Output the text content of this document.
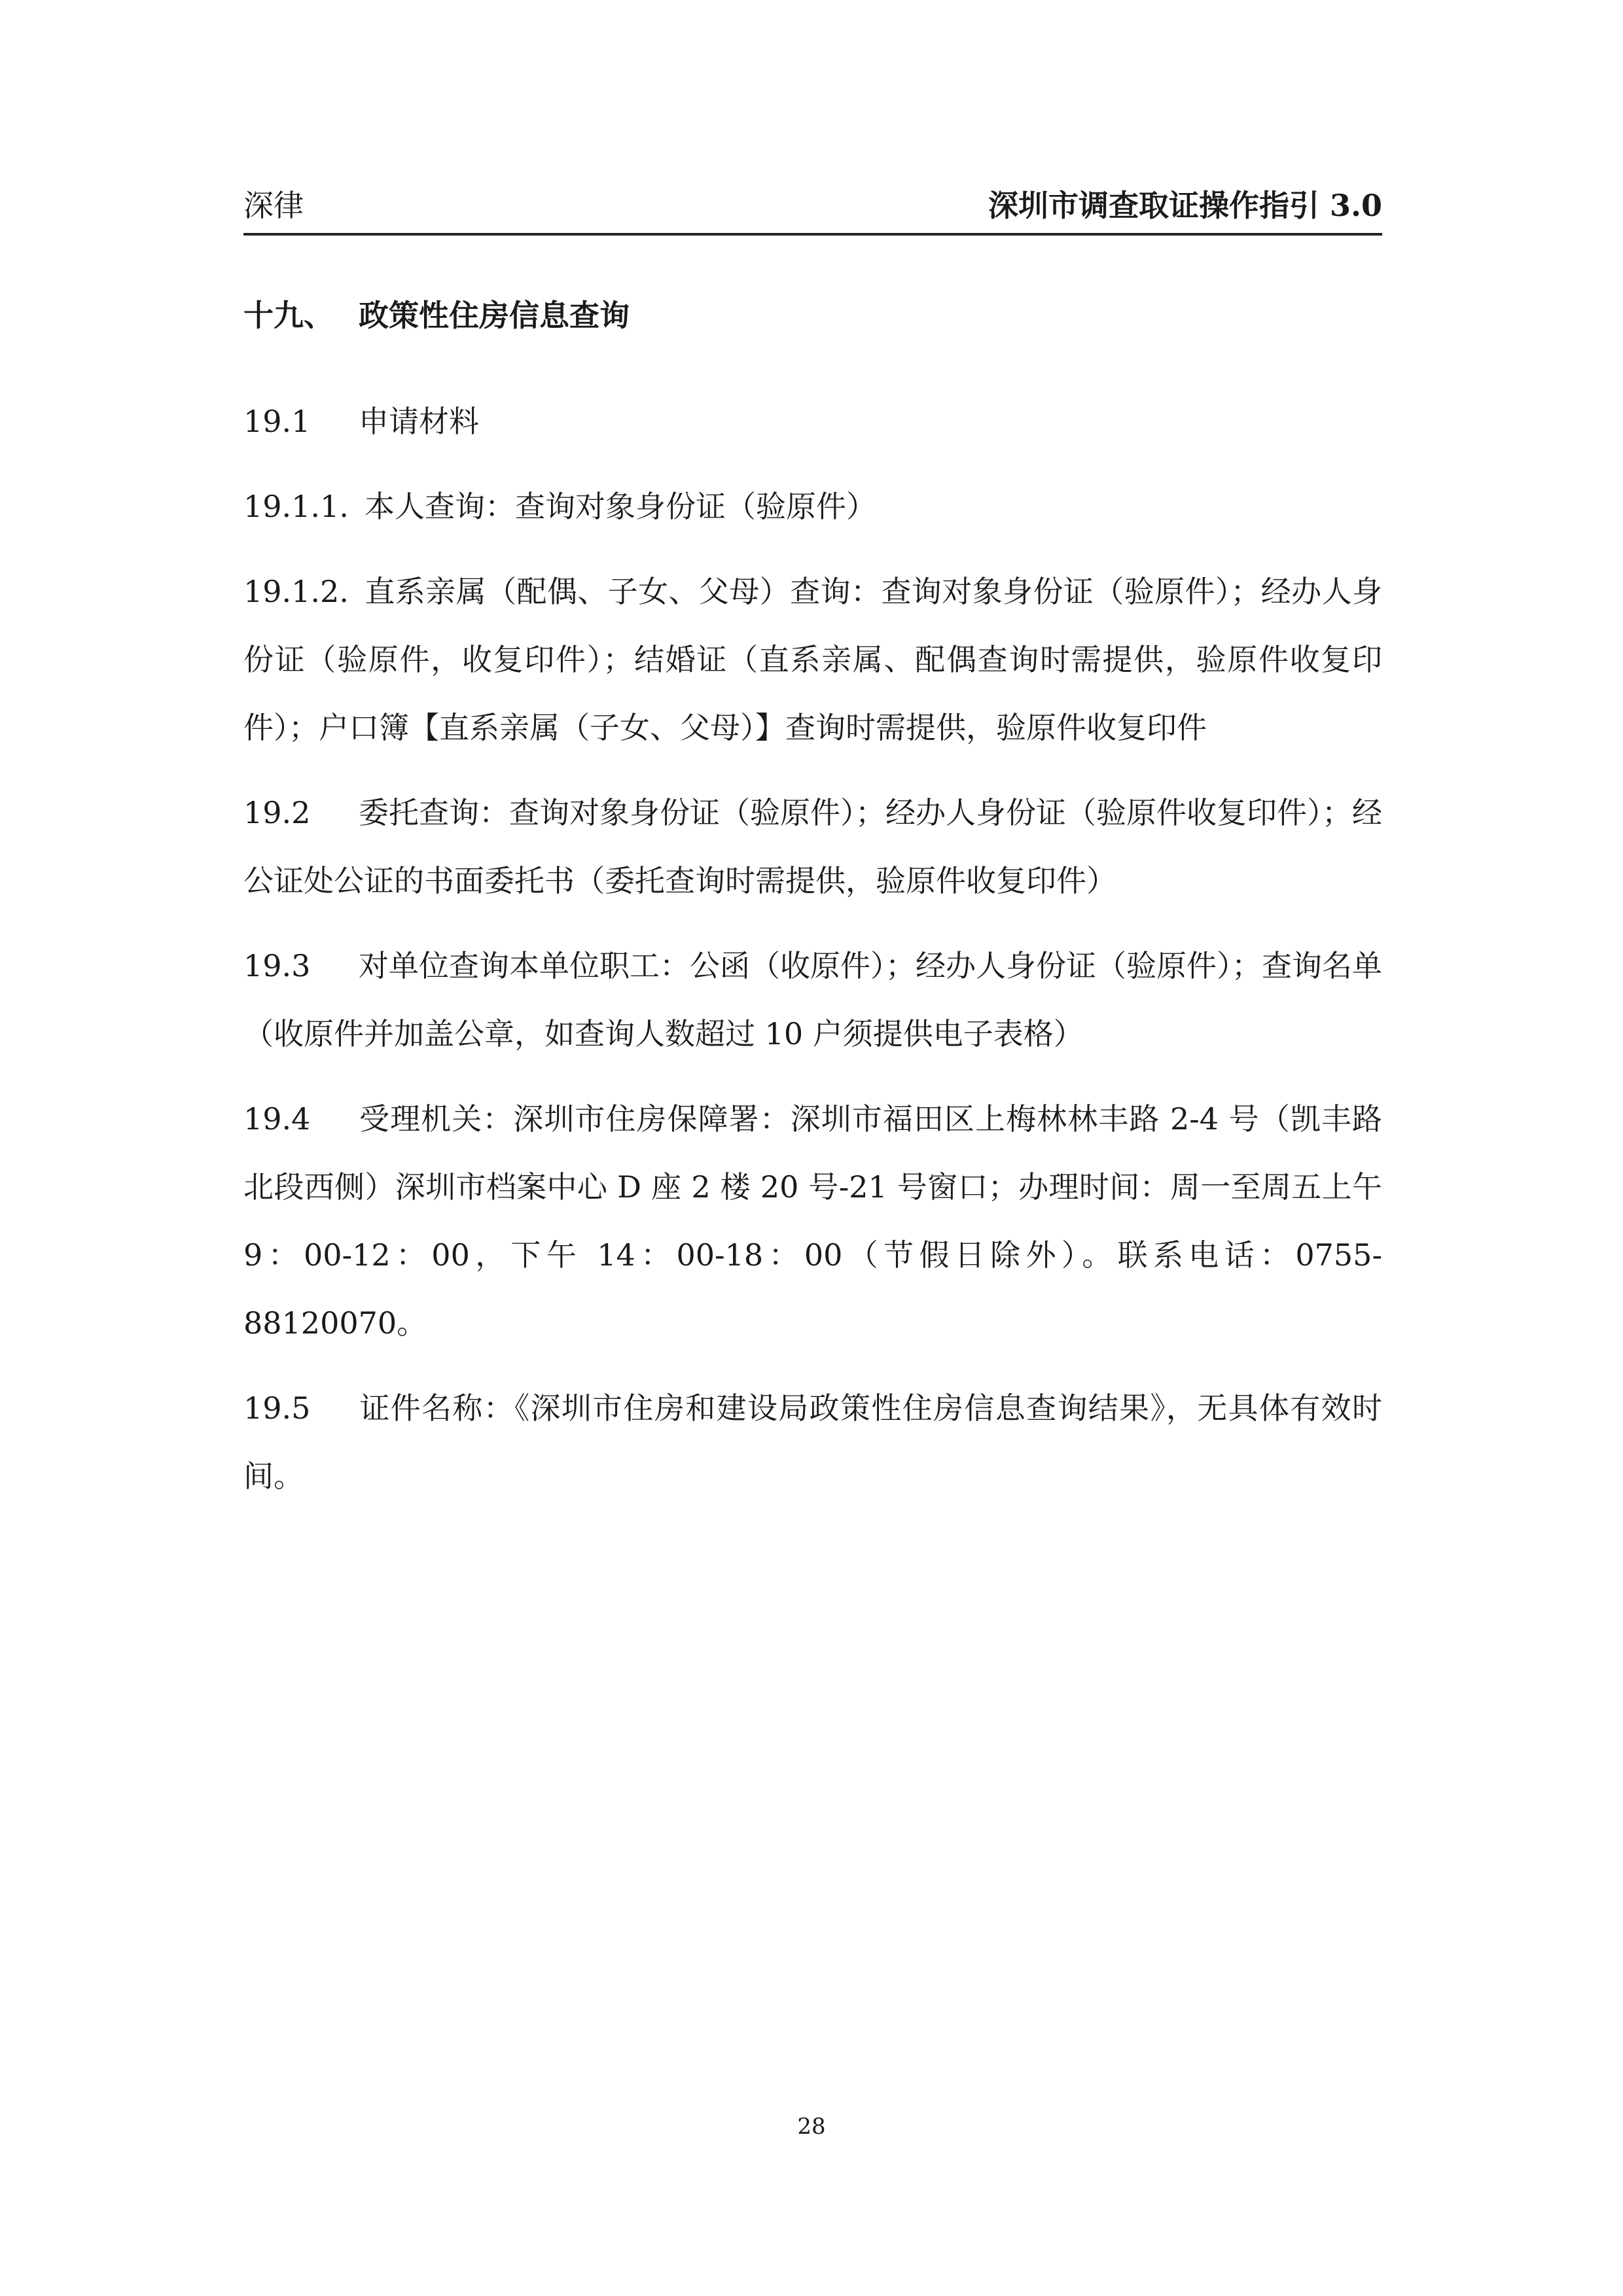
深律	深圳市调查取证操作指引 3.0
十九、 政策性住房信息查询

19.1 申请材料

19.1.1. 本人查询：查询对象身份证（验原件）

19.1.2. 直系亲属（配偶、子女、父母）查询：查询对象身份证（验原件）；经办人身份证（验原件，收复印件）；结婚证（直系亲属、配偶查询时需提供，验原件收复印件）；户口簿【直系亲属（子女、父母）】查询时需提供，验原件收复印件

19.2 委托查询：查询对象身份证（验原件）；经办人身份证（验原件收复印件）；经公证处公证的书面委托书（委托查询时需提供，验原件收复印件）

19.3 对单位查询本单位职工：公函（收原件）；经办人身份证（验原件）；查询名单（收原件并加盖公章，如查询人数超过 10 户须提供电子表格）

19.4 受理机关：深圳市住房保障署：深圳市福田区上梅林林丰路 2-4 号（凯丰路北段西侧）深圳市档案中心 D 座 2 楼 20 号-21 号窗口；办理时间：周一至周五上午 9：00-12：00，下午 14：00-18：00（节假日除外）。联系电话：0755-88120070。

19.5 证件名称：《深圳市住房和建设局政策性住房信息查询结果》，无具体有效时间。

28
